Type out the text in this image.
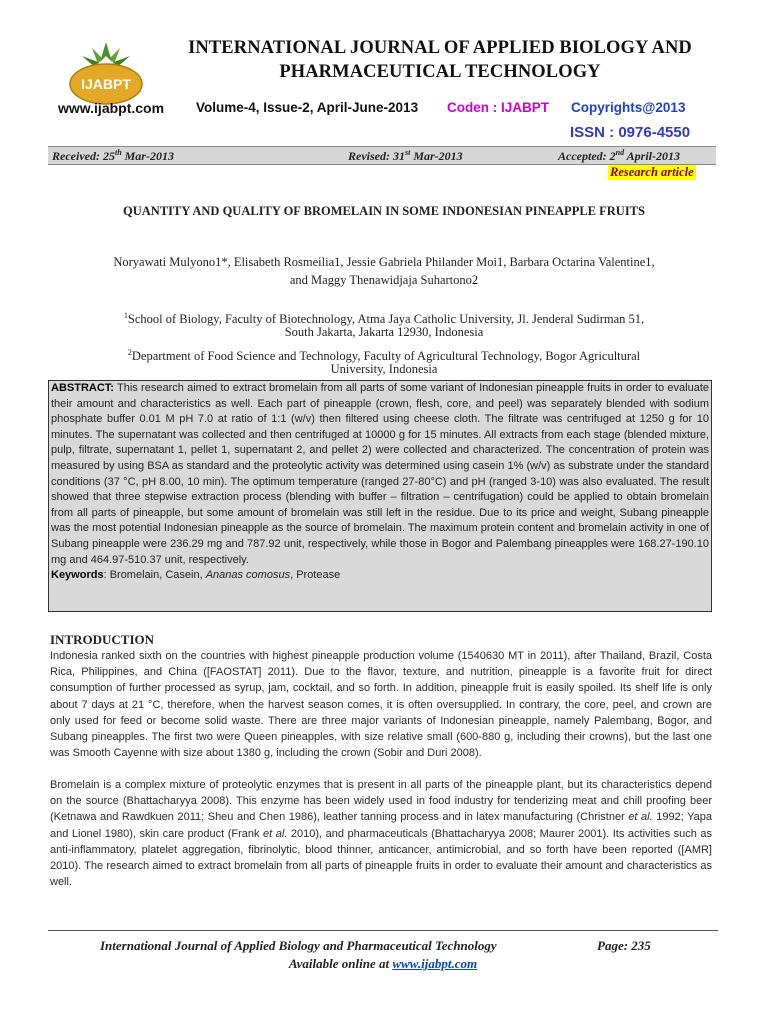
IJABPT
INTERNATIONAL JOURNAL OF APPLIED BIOLOGY AND
PHARMACEUTICAL TECHNOLOGY
www.ijabpt.com Volume-4, Issue-2, April-June-2013 Coden : IJABPT Copyrights@2013
ISSN : 0976-4550
Received: 25th Mar-2013	Revised: 31st Mar-2013	Accepted: 2nd April-2013
Research article
QUANTITY AND QUALITY OF BROMELAIN IN SOME INDONESIAN PINEAPPLE FRUITS
Noryawati Mulyono1*, Elisabeth Rosmeilia1, Jessie Gabriela Philander Moi1, Barbara Octarina Valentine1,
and Maggy Thenawidjaja Suhartono2
$^1$School of Biology, Faculty of Biotechnology, Atma Jaya Catholic University, Jl. Jenderal Sudirman 51,
South Jakarta, Jakarta 12930, Indonesia
$^2$Department of Food Science and Technology, Faculty of Agricultural Technology, Bogor Agricultural
University, Indonesia
ABSTRACT: This research aimed to extract bromelain from all parts of some variant of Indonesian pineapple fruits in order to evaluate their amount and characteristics as well. Each part of pineapple (crown, flesh, core, and peel) was separately blended with sodium phosphate buffer 0.01 M pH 7.0 at ratio of 1:1 (w/v) then filtered using cheese cloth. The filtrate was centrifuged at 1250 g for 10 minutes. The supernatant was collected and then centrifuged at 10000 g for 15 minutes. All extracts from each stage (blended mixture, pulp, filtrate, supernatant 1, pellet 1, supernatant 2, and pellet 2) were collected and characterized. The concentration of protein was measured by using BSA as standard and the proteolytic activity was determined using casein 1% (w/v) as substrate under the standard conditions (37 °C, pH 8.00, 10 min). The optimum temperature (ranged 27-80°C) and pH (ranged 3-10) was also evaluated. The result showed that three stepwise extraction process (blending with buffer – filtration – centrifugation) could be applied to obtain bromelain from all parts of pineapple, but some amount of bromelain was still left in the residue. Due to its price and weight, Subang pineapple was the most potential Indonesian pineapple as the source of bromelain. The maximum protein content and bromelain activity in one of Subang pineapple were 236.29 mg and 787.92 unit, respectively, while those in Bogor and Palembang pineapples were 168.27-190.10 mg and 464.97-510.37 unit, respectively.
Keywords: Bromelain, Casein, Ananas comosus, Protease
INTRODUCTION
Indonesia ranked sixth on the countries with highest pineapple production volume (1540630 MT in 2011), after Thailand, Brazil, Costa Rica, Philippines, and China ([FAOSTAT] 2011). Due to the flavor, texture, and nutrition, pineapple is a favorite fruit for direct consumption of further processed as syrup, jam, cocktail, and so forth. In addition, pineapple fruit is easily spoiled. Its shelf life is only about 7 days at 21 °C, therefore, when the harvest season comes, it is often oversupplied. In contrary, the core, peel, and crown are only used for feed or become solid waste. There are three major variants of Indonesian pineapple, namely Palembang, Bogor, and Subang pineapples. The first two were Queen pineapples, with size relative small (600-880 g, including their crowns), but the last one was Smooth Cayenne with size about 1380 g, including the crown (Sobir and Duri 2008).
Bromelain is a complex mixture of proteolytic enzymes that is present in all parts of the pineapple plant, but its characteristics depend on the source (Bhattacharyya 2008). This enzyme has been widely used in food industry for tenderizing meat and chill proofing beer (Ketnawa and Rawdkuen 2011; Sheu and Chen 1986), leather tanning process and in latex manufacturing (Christner et al. 1992; Yapa and Lionel 1980), skin care product (Frank et al. 2010), and pharmaceuticals (Bhattacharyya 2008; Maurer 2001). Its activities such as anti-inflammatory, platelet aggregation, fibrinolytic, blood thinner, anticancer, antimicrobial, and so forth have been reported ([AMR] 2010). The research aimed to extract bromelain from all parts of pineapple fruits in order to evaluate their amount and characteristics as well.
International Journal of Applied Biology and Pharmaceutical Technology	Page: 235
Available online at www.ijabpt.com
